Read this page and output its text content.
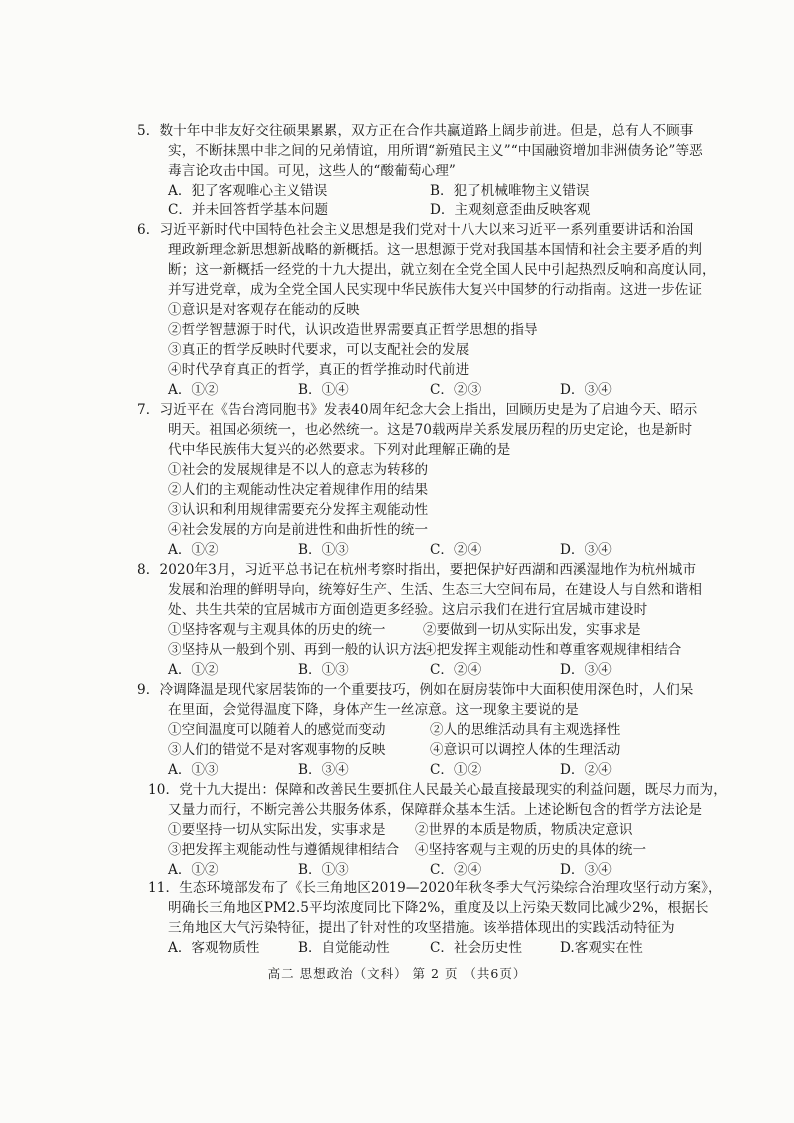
5．数十年中非友好交往硕果累累，双方正在合作共赢道路上阔步前进。但是，总有人不顾事
实，不断抹黑中非之间的兄弟情谊，用所谓“新殖民主义”“中国融资增加非洲债务论”等恶
毒言论攻击中国。可见，这些人的“酸葡萄心理”
A．犯了客观唯心主义错误	B．犯了机械唯物主义错误
C．并未回答哲学基本问题	D．主观刻意歪曲反映客观
6．习近平新时代中国特色社会主义思想是我们党对十八大以来习近平一系列重要讲话和治国
理政新理念新思想新战略的新概括。这一思想源于党对我国基本国情和社会主要矛盾的判
断；这一新概括一经党的十九大提出，就立刻在全党全国人民中引起热烈反响和高度认同，
并写进党章，成为全党全国人民实现中华民族伟大复兴中国梦的行动指南。这进一步佐证
①意识是对客观存在能动的反映
②哲学智慧源于时代，认识改造世界需要真正哲学思想的指导
③真正的哲学反映时代要求，可以支配社会的发展
④时代孕育真正的哲学，真正的哲学推动时代前进
A．①②	B．①④	C．②③	D．③④
7．习近平在《告台湾同胞书》发表40周年纪念大会上指出，回顾历史是为了启迪今天、昭示
明天。祖国必须统一，也必然统一。这是70载两岸关系发展历程的历史定论，也是新时
代中华民族伟大复兴的必然要求。下列对此理解正确的是
①社会的发展规律是不以人的意志为转移的
②人们的主观能动性决定着规律作用的结果
③认识和利用规律需要充分发挥主观能动性
④社会发展的方向是前进性和曲折性的统一
A．①②	B．①③	C．②④	D．③④
8．2020年3月，习近平总书记在杭州考察时指出，要把保护好西湖和西溪湿地作为杭州城市
发展和治理的鲜明导向，统筹好生产、生活、生态三大空间布局，在建设人与自然和谐相
处、共生共荣的宜居城市方面创造更多经验。这启示我们在进行宜居城市建设时
①坚持客观与主观具体的历史的统一	②要做到一切从实际出发，实事求是
③坚持从一般到个别、再到一般的认识方法
④把发挥主观能动性和尊重客观规律相结合
A．①②	B．①③	C．②④	D．③④
9．冷调降温是现代家居装饰的一个重要技巧，例如在厨房装饰中大面积使用深色时，人们呆
在里面，会觉得温度下降，身体产生一丝凉意。这一现象主要说的是
①空间温度可以随着人的感觉而变动	②人的思维活动具有主观选择性
③人们的错觉不是对客观事物的反映	④意识可以调控人体的生理活动
A．①③	B．③④	C．①②	D．②④
10．党十九大提出：保障和改善民生要抓住人民最关心最直接最现实的利益问题，既尽力而为，
又量力而行，不断完善公共服务体系，保障群众基本生活。上述论断包含的哲学方法论是
①要坚持一切从实际出发，实事求是 ②世界的本质是物质，物质决定意识
③把发挥主观能动性与遵循规律相结合 ④坚持客观与主观的历史的具体的统一
A．①②	B．①③	C．②④	D．③④
11．生态环境部发布了《长三角地区2019—2020年秋冬季大气污染综合治理攻坚行动方案》，
明确长三角地区PM2.5平均浓度同比下降2%，重度及以上污染天数同比减少2%，根据长
三角地区大气污染特征，提出了针对性的攻坚措施。该举措体现出的实践活动特征为
A．客观物质性	B．自觉能动性	C．社会历史性	D.客观实在性
高二 思想政治（文科） 第 2 页 （共6页）
